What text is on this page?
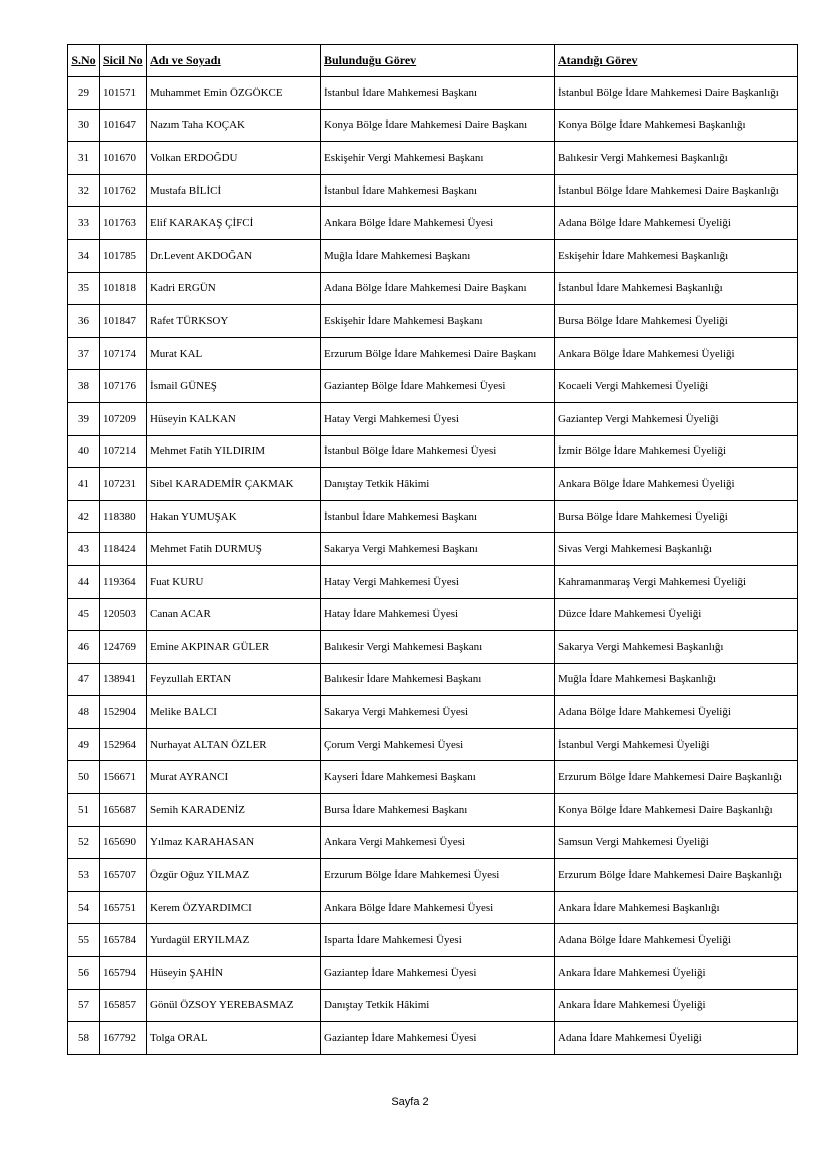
S.No	Sicil No	Adı ve Soyadı	Bulunduğu Görev	Atandığı Görev
29	101571	Muhammet Emin ÖZGÖKCE	İstanbul İdare Mahkemesi Başkanı	İstanbul Bölge İdare Mahkemesi Daire Başkanlığı
30	101647	Nazım Taha KOÇAK	Konya Bölge İdare Mahkemesi Daire Başkanı	Konya Bölge İdare Mahkemesi Başkanlığı
31	101670	Volkan ERDOĞDU	Eskişehir Vergi Mahkemesi Başkanı	Balıkesir Vergi Mahkemesi Başkanlığı
32	101762	Mustafa BİLİCİ	İstanbul İdare Mahkemesi Başkanı	İstanbul Bölge İdare Mahkemesi Daire Başkanlığı
33	101763	Elif KARAKAŞ ÇİFCİ	Ankara Bölge İdare Mahkemesi Üyesi	Adana Bölge İdare Mahkemesi Üyeliği
34	101785	Dr.Levent AKDOĞAN	Muğla İdare Mahkemesi Başkanı	Eskişehir İdare Mahkemesi Başkanlığı
35	101818	Kadri ERGÜN	Adana Bölge İdare Mahkemesi Daire Başkanı	İstanbul İdare Mahkemesi Başkanlığı
36	101847	Rafet TÜRKSOY	Eskişehir İdare Mahkemesi Başkanı	Bursa Bölge İdare Mahkemesi Üyeliği
37	107174	Murat KAL	Erzurum Bölge İdare Mahkemesi Daire Başkanı	Ankara Bölge İdare Mahkemesi Üyeliği
38	107176	İsmail GÜNEŞ	Gaziantep Bölge İdare Mahkemesi Üyesi	Kocaeli Vergi Mahkemesi Üyeliği
39	107209	Hüseyin KALKAN	Hatay Vergi Mahkemesi Üyesi	Gaziantep Vergi Mahkemesi Üyeliği
40	107214	Mehmet Fatih YILDIRIM	İstanbul Bölge İdare Mahkemesi Üyesi	İzmir Bölge İdare Mahkemesi Üyeliği
41	107231	Sibel KARADEMİR ÇAKMAK	Danıştay Tetkik Hâkimi	Ankara Bölge İdare Mahkemesi Üyeliği
42	118380	Hakan YUMUŞAK	İstanbul İdare Mahkemesi Başkanı	Bursa Bölge İdare Mahkemesi Üyeliği
43	118424	Mehmet Fatih DURMUŞ	Sakarya Vergi Mahkemesi Başkanı	Sivas Vergi Mahkemesi Başkanlığı
44	119364	Fuat KURU	Hatay Vergi Mahkemesi Üyesi	Kahramanmaraş Vergi Mahkemesi Üyeliği
45	120503	Canan ACAR	Hatay İdare Mahkemesi Üyesi	Düzce İdare Mahkemesi Üyeliği
46	124769	Emine AKPINAR GÜLER	Balıkesir Vergi Mahkemesi Başkanı	Sakarya Vergi Mahkemesi Başkanlığı
47	138941	Feyzullah ERTAN	Balıkesir İdare Mahkemesi Başkanı	Muğla İdare Mahkemesi Başkanlığı
48	152904	Melike BALCI	Sakarya Vergi Mahkemesi Üyesi	Adana Bölge İdare Mahkemesi Üyeliği
49	152964	Nurhayat ALTAN ÖZLER	Çorum Vergi Mahkemesi Üyesi	İstanbul Vergi Mahkemesi Üyeliği
50	156671	Murat AYRANCI	Kayseri İdare Mahkemesi Başkanı	Erzurum Bölge İdare Mahkemesi Daire Başkanlığı
51	165687	Semih KARADENİZ	Bursa İdare Mahkemesi Başkanı	Konya Bölge İdare Mahkemesi Daire Başkanlığı
52	165690	Yılmaz KARAHASAN	Ankara Vergi Mahkemesi Üyesi	Samsun Vergi Mahkemesi Üyeliği
53	165707	Özgür Oğuz YILMAZ	Erzurum Bölge İdare Mahkemesi Üyesi	Erzurum Bölge İdare Mahkemesi Daire Başkanlığı
54	165751	Kerem ÖZYARDIMCI	Ankara Bölge İdare Mahkemesi Üyesi	Ankara İdare Mahkemesi Başkanlığı
55	165784	Yurdagül ERYILMAZ	Isparta İdare Mahkemesi Üyesi	Adana Bölge İdare Mahkemesi Üyeliği
56	165794	Hüseyin ŞAHİN	Gaziantep İdare Mahkemesi Üyesi	Ankara İdare Mahkemesi Üyeliği
57	165857	Gönül ÖZSOY YEREBASMAZ	Danıştay Tetkik Hâkimi	Ankara İdare Mahkemesi Üyeliği
58	167792	Tolga ORAL	Gaziantep İdare Mahkemesi Üyesi	Adana İdare Mahkemesi Üyeliği
Sayfa 2
